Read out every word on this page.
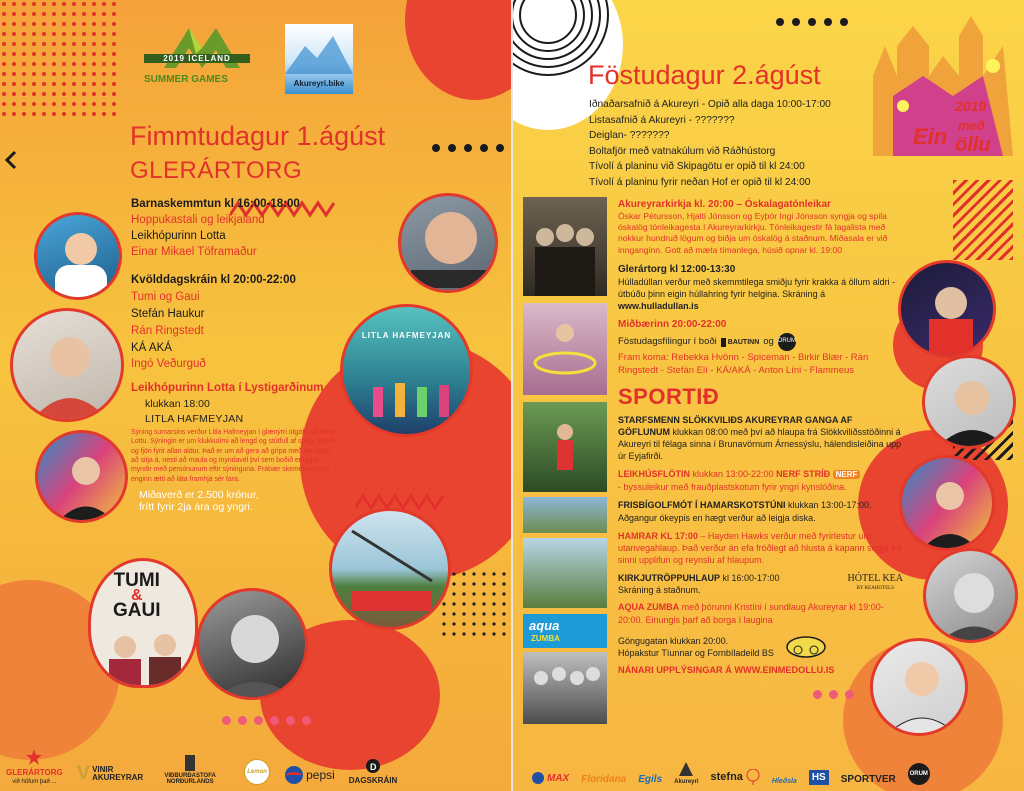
2019 ICELAND
SUMMER GAMES	Akureyri.bike
Fimmtudagur 1.ágúst
GLERÁRTORG
Barnaskemmtun kl 16:00-18:00
Hoppukastali og leikjaland
Leikhópurinn Lotta
Einar Mikael Töframaður
Kvölddagskráin kl 20:00-22:00
Tumi og Gaui
Stefán Haukur
Rán Ringstedt
KÁ AKÁ
Ingó Veðurguð
Leikhópurinn Lotta í Lystigarðinum
klukkan 18:00
LITLA HAFMEYJAN
Sýning sumarsins verður Litla Hafmeyjan í glænýrri útgáfu að hætti Lottu. Sýningin er um klukkutími að lengd og stútfull af söng, sprelli og fjöri fyrir allan aldur. Það er um að gera að grípa með sér teppi að sitja á, nesti að maula og myndavél því sem boðið er uppá myndir með persónunum eftir sýninguna. Frábær skemmtun sem enginn ætti að láta framhjá sér fara.
Miðaverð er 2.500 krónur,
frítt fyrir 2ja ára og yngri.
LITLA HAFMEYJAN
TUMI
&
GAUI
GLERÁRTORG
við höfum það ... V VINIR AKUREYRAR	VIÐBURÐASTOFA NORÐURLANDS
Lemon	pepsi
D
DAGSKRÁIN
2019
Ein með
öllu
Föstudagur 2.ágúst
Iðnaðarsafnið á Akureyri - Opið alla daga 10:00-17:00
Listasafnið á Akureyri - ???????
Deiglan- ???????
Boltafjör með vatnakúlum við Ráðhústorg
Tívolí á planinu við Skipagötu er opið til kl 24:00
Tívolí á planinu fyrir neðan Hof er opið til kl 24:00
aqua
ZUMBA
Akureyrarkirkja kl. 20:00 – Óskalagatónleikar
Óskar Pétursson, Hjalti Jónsson og Eyþór Ingi Jónsson syngja og spila óskalög tónleikagesta í Akureyrarkirkju. Tónleikagestir fá lagalista með nokkur hundruð lögum og biðja um óskalög á staðnum. Miðasala er við innganginn. Gott að mæta tímanlega, húsið opnar kl. 19:00
Glerártorg kl 12:00-13:30
Húlladúllan verður með skemmtilega smiðju fyrir krakka á öllum aldri - útbúðu þinn eigin húllahring fyrir helgina. Skráning á www.hulladullan.is
Miðbærinn 20:00-22:00
Föstudagsfílingur í boði	BAUTINN og ORUM
Fram koma: Rebekka Hvönn - Spiceman - Birkir Blær - Rán Ringstedt - Stefán Elí - KÁ/AKÁ - Anton Líni - Flammeus
SPORTIÐ
STARFSMENN SLÖKKVILIÐS AKUREYRAR GANGA AF GÖFLUNUM klukkan 08:00 með því að hlaupa frá Slökkviliðsstöðinni á Akureyri til félaga sinna í Brunavörnum Árnessýslu, hálendisleiðina upp úr Eyjafirði.
LEIKHÚSFLÖTIN klukkan 13:00-22:00 NERF STRÍÐ NERF
- byssuleikur með frauðplastskotum fyrir yngri kynslóðina.
FRISBÍGOLFMÓT Í HAMARSKOTSTÚNI klukkan 13:00-17:00. Aðgangur ókeypis en hægt verður að leigja diska.
HAMRAR KL 17:00 – Hayden Hawks verður með fyrirlestur um utanvegahlaup. Það verður án efa fróðlegt að hlusta á kapann segja frá sinni upplifun og reynslu af hlaupum.
KIRKJUTRÖPPUHLAUP kl 16:00-17:00
Skráning á staðnum.
HÓTEL KEA
BY KEAHOTELS
AQUA ZUMBA með þórunni Kristíni í sundlaug Akureyrar kl 19:00-20:00. Einungis þarf að borga í laugina
Göngugatan klukkan 20:00.
Hópakstur Tíunnar og Fornbíladeild BS
NÁNARI UPPLÝSINGAR Á WWW.EINMEDOLLU.IS
MAX Floridana Egils Akureyri stefna	Hleðsla	HS	SPORTVER	ORUM
